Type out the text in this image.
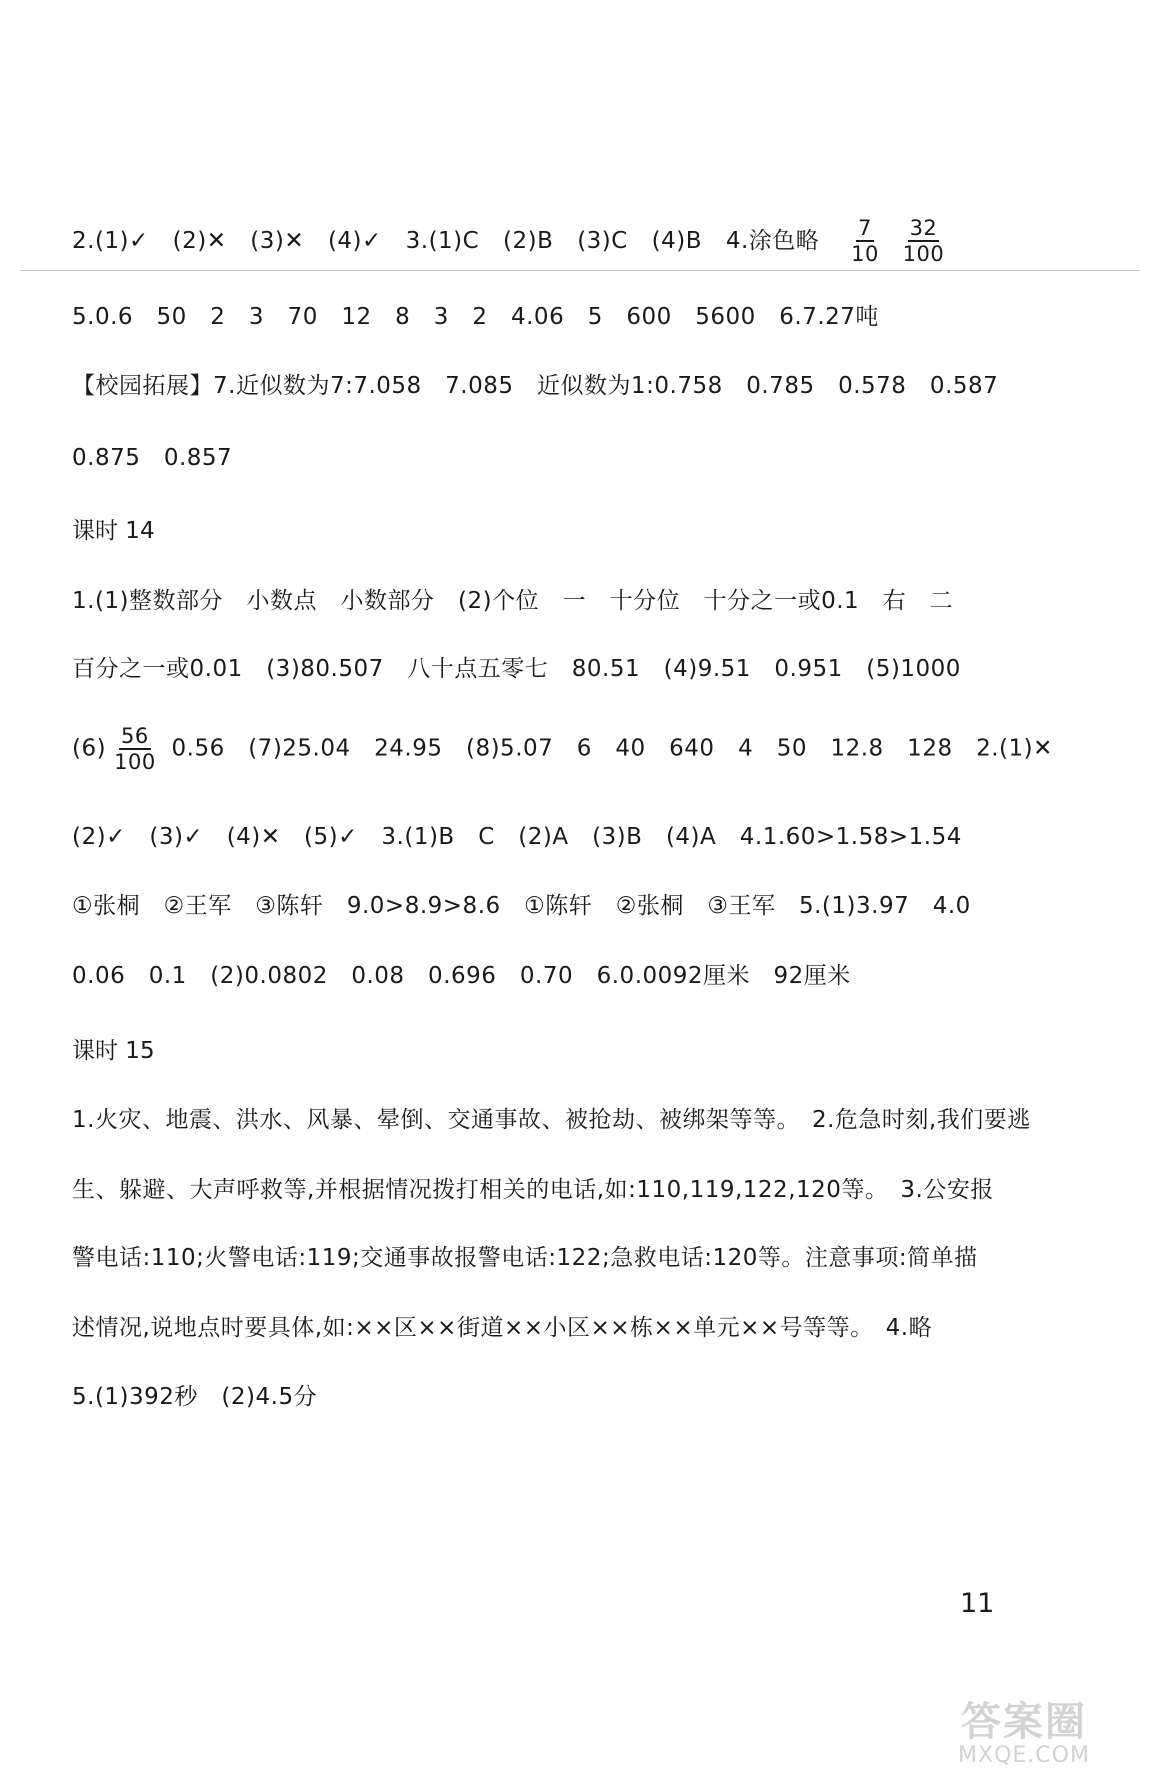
2.(1)✓ (2)✕ (3)✕ (4)✓ 3.(1)C (2)B (3)C (4)B 4.涂色略 $\frac{7}{10}$
$\frac{32}{100}$
5.0.6　50　2　3　70　12　8　3　2　4.06　5　600　5600　6.7.27吨
【校园拓展】7.近似数为7:7.058　7.085　近似数为1:0.758　0.785　0.578　0.587
0.875　0.857
课时 14
1.(1)整数部分　小数点　小数部分　(2)个位　一　十分位　十分之一或0.1　右　二
百分之一或0.01　(3)80.507　八十点五零七　80.51　(4)9.51　0.951　(5)1000
$(6) \frac{56}{100} 0.56$　(7)25.04　24.95　(8)5.07　6　40　640　4　50　12.8　128　2.(1)✕
(2)✓　(3)✓　(4)✕　(5)✓　3.(1)B　C　(2)A　(3)B　(4)A　4.1.60>1.58>1.54
①张桐　②王军　③陈轩　9.0>8.9>8.6　①陈轩　②张桐　③王军　5.(1)3.97　4.0
0.06　0.1　(2)0.0802　0.08　0.696　0.70　6.0.0092厘米　92厘米
课时 15
1.火灾、地震、洪水、风暴、晕倒、交通事故、被抢劫、被绑架等等。　2.危急时刻,我们要逃
生、躲避、大声呼救等,并根据情况拨打相关的电话,如:110,119,122,120等。　3.公安报
警电话:110;火警电话:119;交通事故报警电话:122;急救电话:120等。注意事项:简单描
述情况,说地点时要具体,如:××区××街道××小区××栋××单元××号等等。　4.略
5.(1)392秒　(2)4.5分
11
答案圈
MXQE.COM
